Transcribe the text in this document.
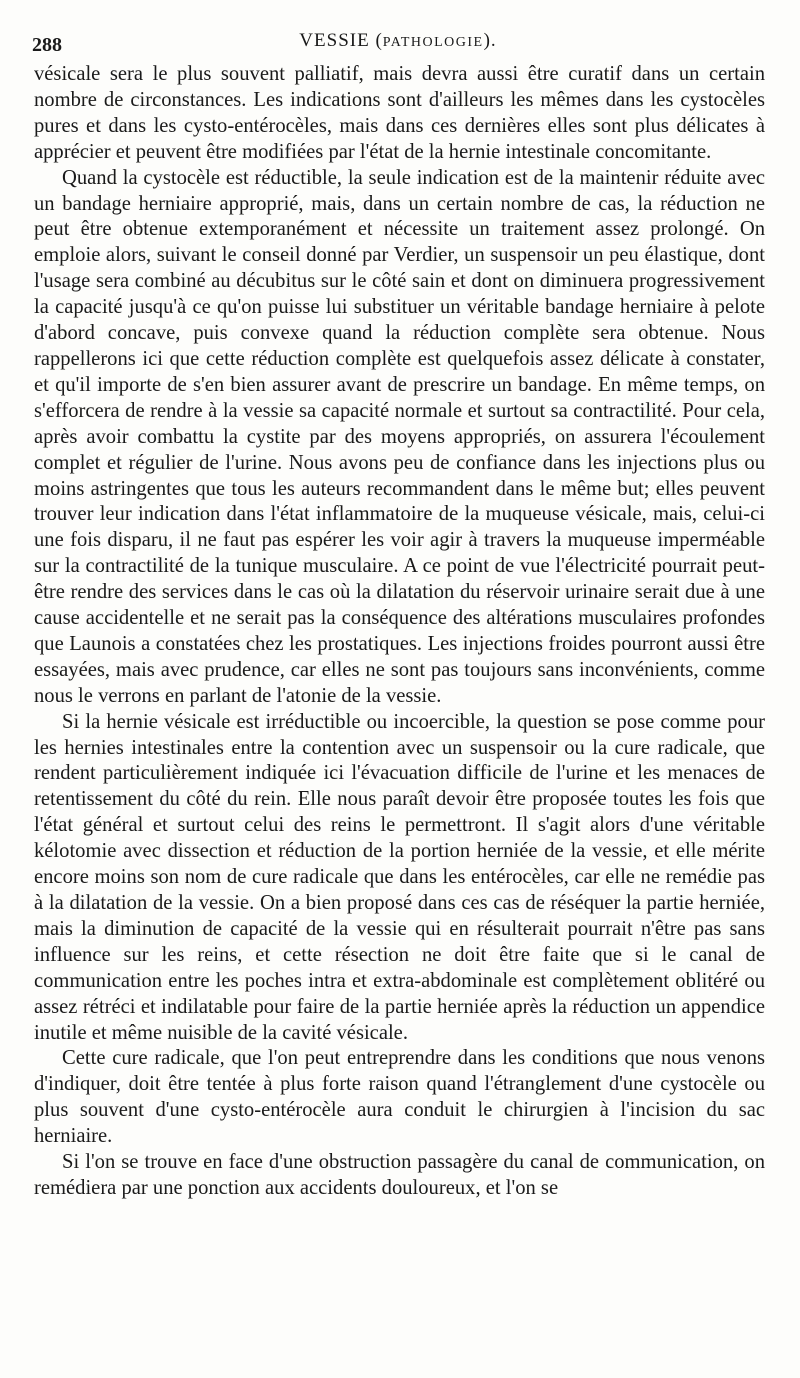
288	VESSIE (PATHOLOGIE).

vésicale sera le plus souvent palliatif, mais devra aussi être curatif dans un certain nombre de circonstances. Les indications sont d'ailleurs les mêmes dans les cystocèles pures et dans les cysto-entérocèles, mais dans ces dernières elles sont plus délicates à apprécier et peuvent être modifiées par l'état de la hernie intestinale concomitante.

Quand la cystocèle est réductible, la seule indication est de la maintenir réduite avec un bandage herniaire approprié, mais, dans un certain nombre de cas, la réduction ne peut être obtenue extemporanément et nécessite un traitement assez prolongé. On emploie alors, suivant le conseil donné par Verdier, un suspensoir un peu élastique, dont l'usage sera combiné au décubitus sur le côté sain et dont on diminuera progressivement la capacité jusqu'à ce qu'on puisse lui substituer un véritable bandage herniaire à pelote d'abord concave, puis convexe quand la réduction complète sera obtenue. Nous rappellerons ici que cette réduction complète est quelquefois assez délicate à constater, et qu'il importe de s'en bien assurer avant de prescrire un bandage. En même temps, on s'efforcera de rendre à la vessie sa capacité normale et surtout sa contractilité. Pour cela, après avoir combattu la cystite par des moyens appropriés, on assurera l'écoulement complet et régulier de l'urine. Nous avons peu de confiance dans les injections plus ou moins astringentes que tous les auteurs recommandent dans le même but; elles peuvent trouver leur indication dans l'état inflammatoire de la muqueuse vésicale, mais, celui-ci une fois disparu, il ne faut pas espérer les voir agir à travers la muqueuse imperméable sur la contractilité de la tunique musculaire. A ce point de vue l'électricité pourrait peut-être rendre des services dans le cas où la dilatation du réservoir urinaire serait due à une cause accidentelle et ne serait pas la conséquence des altérations musculaires profondes que Launois a constatées chez les prostatiques. Les injections froides pourront aussi être essayées, mais avec prudence, car elles ne sont pas toujours sans inconvénients, comme nous le verrons en parlant de l'atonie de la vessie.

Si la hernie vésicale est irréductible ou incoercible, la question se pose comme pour les hernies intestinales entre la contention avec un suspensoir ou la cure radicale, que rendent particulièrement indiquée ici l'évacuation difficile de l'urine et les menaces de retentissement du côté du rein. Elle nous paraît devoir être proposée toutes les fois que l'état général et surtout celui des reins le permettront. Il s'agit alors d'une véritable kélotomie avec dissection et réduction de la portion herniée de la vessie, et elle mérite encore moins son nom de cure radicale que dans les entérocèles, car elle ne remédie pas à la dilatation de la vessie. On a bien proposé dans ces cas de réséquer la partie herniée, mais la diminution de capacité de la vessie qui en résulterait pourrait n'être pas sans influence sur les reins, et cette résection ne doit être faite que si le canal de communication entre les poches intra et extra-abdominale est complètement oblitéré ou assez rétréci et indilatable pour faire de la partie herniée après la réduction un appendice inutile et même nuisible de la cavité vésicale.

Cette cure radicale, que l'on peut entreprendre dans les conditions que nous venons d'indiquer, doit être tentée à plus forte raison quand l'étranglement d'une cystocèle ou plus souvent d'une cysto-entérocèle aura conduit le chirurgien à l'incision du sac herniaire.

Si l'on se trouve en face d'une obstruction passagère du canal de communication, on remédiera par une ponction aux accidents douloureux, et l'on se
